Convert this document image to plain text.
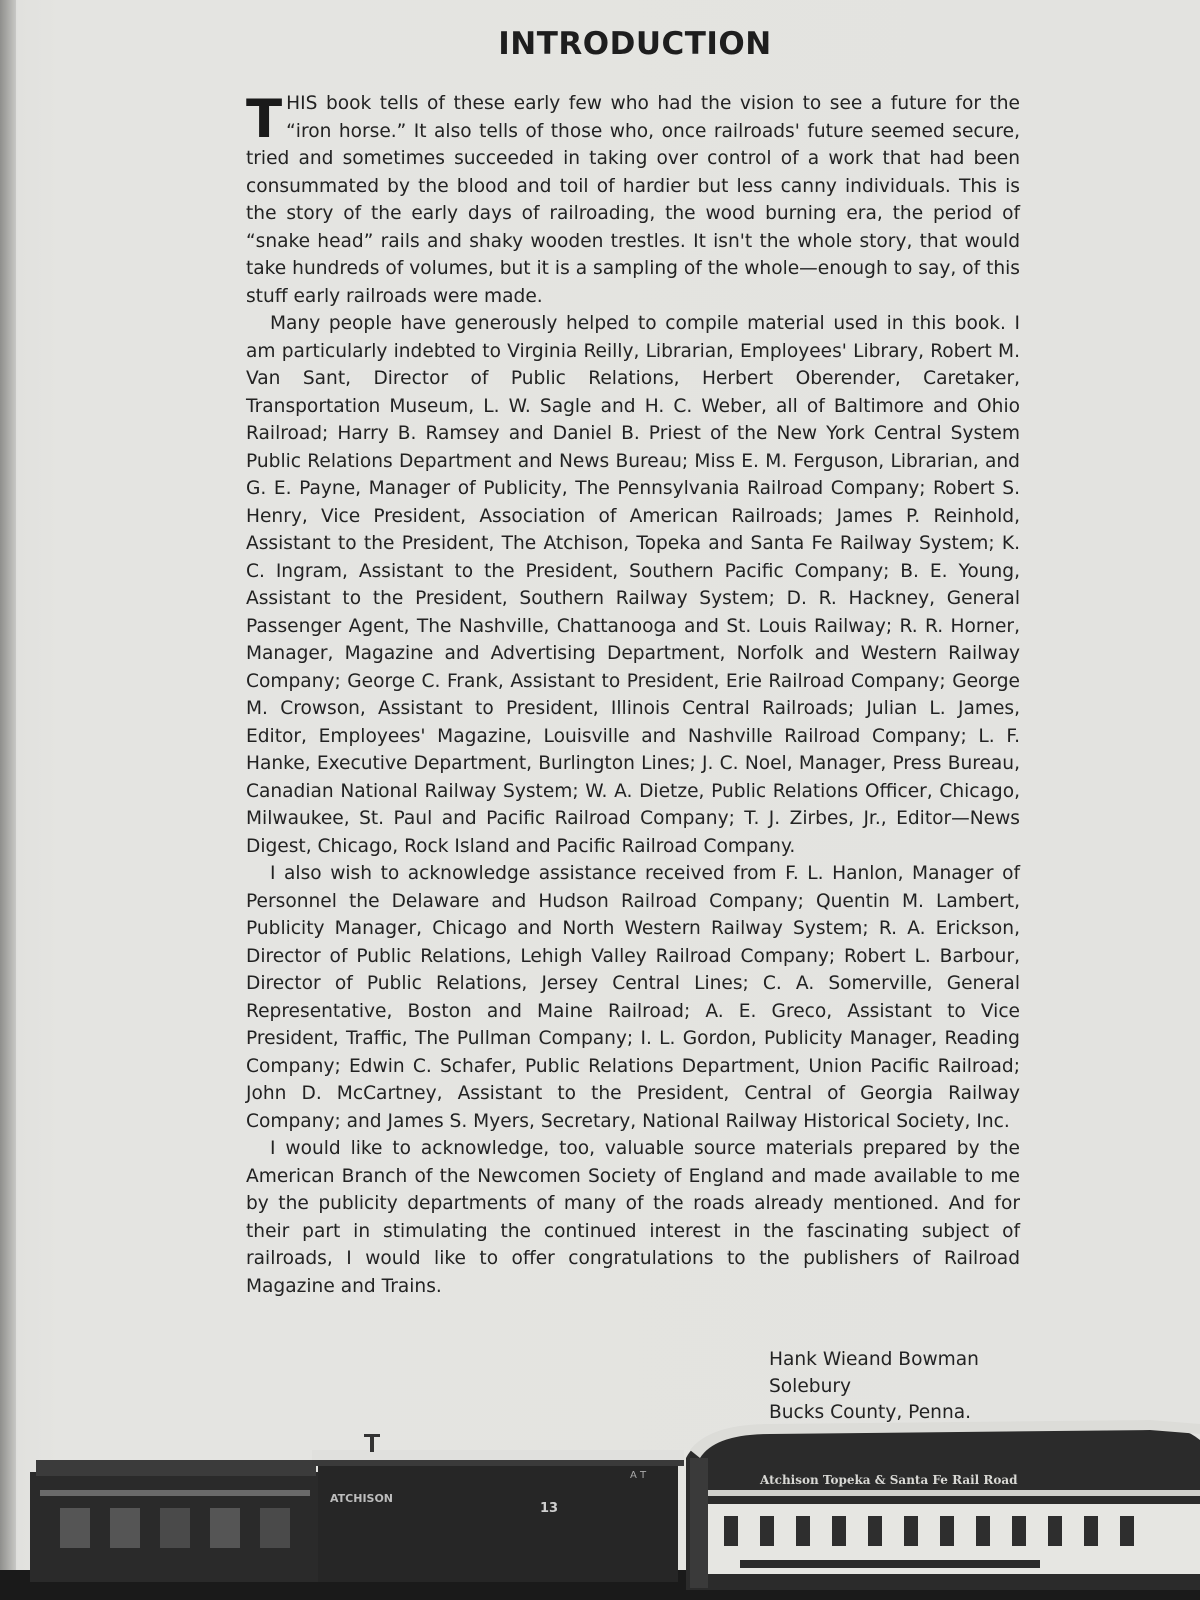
INTRODUCTION

THIS book tells of these early few who had the vision to see a future for the “iron horse.” It also tells of those who, once railroads' future seemed secure, tried and sometimes succeeded in taking over control of a work that had been consummated by the blood and toil of hardier but less canny individuals. This is the story of the early days of railroading, the wood burning era, the period of “snake head” rails and shaky wooden trestles. It isn't the whole story, that would take hundreds of volumes, but it is a sampling of the whole—enough to say, of this stuff early railroads were made.

Many people have generously helped to compile material used in this book. I am particularly indebted to Virginia Reilly, Librarian, Employees' Library, Robert M. Van Sant, Director of Public Relations, Herbert Oberender, Caretaker, Transportation Museum, L. W. Sagle and H. C. Weber, all of Baltimore and Ohio Railroad; Harry B. Ramsey and Daniel B. Priest of the New York Central System Public Relations Department and News Bureau; Miss E. M. Ferguson, Librarian, and G. E. Payne, Manager of Publicity, The Pennsylvania Railroad Company; Robert S. Henry, Vice President, Association of American Railroads; James P. Reinhold, Assistant to the President, The Atchison, Topeka and Santa Fe Railway System; K. C. Ingram, Assistant to the President, Southern Pacific Company; B. E. Young, Assistant to the President, Southern Railway System; D. R. Hackney, General Passenger Agent, The Nashville, Chattanooga and St. Louis Railway; R. R. Horner, Manager, Magazine and Advertising Department, Norfolk and Western Railway Company; George C. Frank, Assistant to President, Erie Railroad Company; George M. Crowson, Assistant to President, Illinois Central Railroads; Julian L. James, Editor, Employees' Magazine, Louisville and Nashville Railroad Company; L. F. Hanke, Executive Department, Burlington Lines; J. C. Noel, Manager, Press Bureau, Canadian National Railway System; W. A. Dietze, Public Relations Officer, Chicago, Milwaukee, St. Paul and Pacific Railroad Company; T. J. Zirbes, Jr., Editor—News Digest, Chicago, Rock Island and Pacific Railroad Company.

I also wish to acknowledge assistance received from F. L. Hanlon, Manager of Personnel the Delaware and Hudson Railroad Company; Quentin M. Lambert, Publicity Manager, Chicago and North Western Railway System; R. A. Erickson, Director of Public Relations, Lehigh Valley Railroad Company; Robert L. Barbour, Director of Public Relations, Jersey Central Lines; C. A. Somerville, General Representative, Boston and Maine Railroad; A. E. Greco, Assistant to Vice President, Traffic, The Pullman Company; I. L. Gordon, Publicity Manager, Reading Company; Edwin C. Schafer, Public Relations Department, Union Pacific Railroad; John D. McCartney, Assistant to the President, Central of Georgia Railway Company; and James S. Myers, Secretary, National Railway Historical Society, Inc.

I would like to acknowledge, too, valuable source materials prepared by the American Branch of the Newcomen Society of England and made available to me by the publicity departments of many of the roads already mentioned. And for their part in stimulating the continued interest in the fascinating subject of railroads, I would like to offer congratulations to the publishers of Railroad Magazine and Trains.

Hank Wieand Bowman
Solebury
Bucks County, Penna.
ATCHISON
13
A T	Atchison Topeka & Santa Fe Rail Road
